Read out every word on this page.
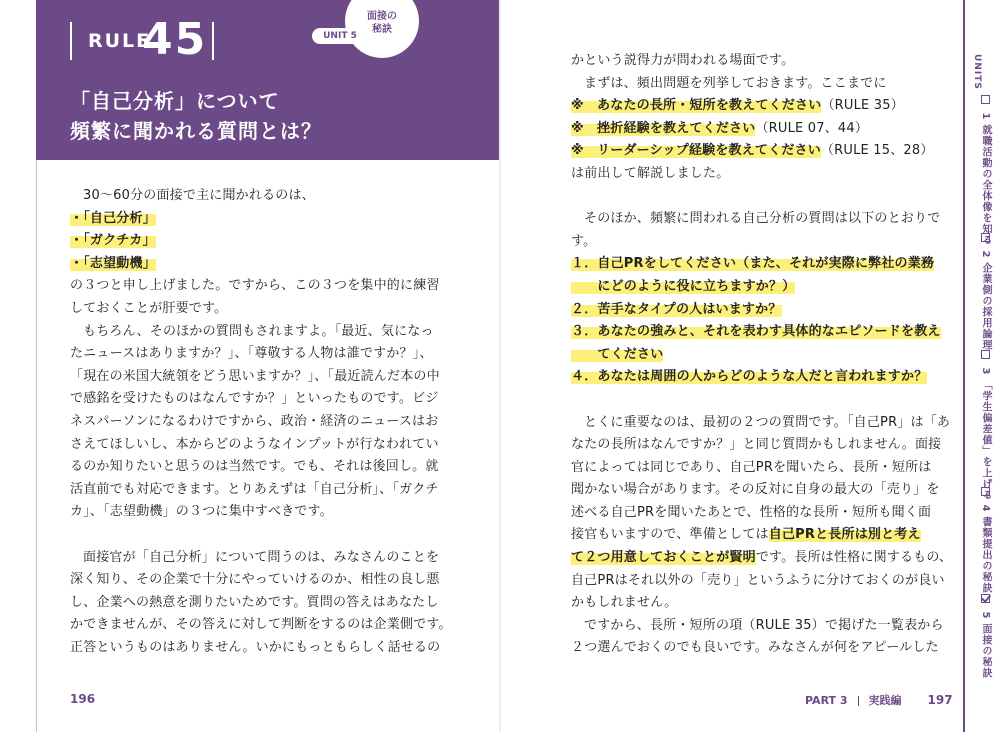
RULE
45
「自己分析」について
頻繁に聞かれる質問とは？
UNIT 5
面接の
秘訣
30〜60分の面接で主に聞かれるのは、
・「自己分析」
・「ガクチカ」
・「志望動機」
の３つと申し上げました。ですから、この３つを集中的に練習
しておくことが肝要です。
もちろん、そのほかの質問もされますよ。「最近、気になっ
たニュースはありますか？」、「尊敬する人物は誰ですか？」、
「現在の米国大統領をどう思いますか？」、「最近読んだ本の中
で感銘を受けたものはなんですか？」といったものです。ビジ
ネスパーソンになるわけですから、政治・経済のニュースはお
さえてほしいし、本からどのようなインプットが行なわれてい
るのか知りたいと思うのは当然です。でも、それは後回し。就
活直前でも対応できます。とりあえずは「自己分析」、「ガクチ
カ」、「志望動機」の３つに集中すべきです。
面接官が「自己分析」について問うのは、みなさんのことを
深く知り、その企業で十分にやっていけるのか、相性の良し悪
し、企業への熱意を測りたいためです。質問の答えはあなたし
かできませんが、その答えに対して判断をするのは企業側です。
正答というものはありません。いかにもっともらしく話せるの
196
かという説得力が問われる場面です。
まずは、頻出問題を列挙しておきます。ここまでに
※　あなたの長所・短所を教えてください（RULE 35）
※　挫折経験を教えてください（RULE 07、44）
※　リーダーシップ経験を教えてください（RULE 15、28）
は前出して解説しました。
そのほか、頻繁に問われる自己分析の質問は以下のとおりで
す。
１．自己PRをしてください（また、それが実際に弊社の業務
　　にどのように役に立ちますか？）
２．苦手なタイプの人はいますか？
３．あなたの強みと、それを表わす具体的なエピソードを教え
　　てください
４．あなたは周囲の人からどのような人だと言われますか？
とくに重要なのは、最初の２つの質問です。「自己PR」は「あ
なたの長所はなんですか？」と同じ質問かもしれません。面接
官によっては同じであり、自己PRを聞いたら、長所・短所は
聞かない場合があります。その反対に自身の最大の「売り」を
述べる自己PRを聞いたあとで、性格的な長所・短所も聞く面
接官もいますので、準備としては自己PRと長所は別と考え
て２つ用意しておくことが賢明です。長所は性格に関するもの、
自己PRはそれ以外の「売り」というふうに分けておくのが良い
かもしれません。
ですから、長所・短所の項（RULE 35）で掲げた一覧表から
２つ選んでおくのでも良いです。みなさんが何をアピールした
PART 3 実践編 197
UNITS
1 就職活動の全体像を知る
2 企業側の採用論理
3 「学生偏差値」を上げる
4 書類提出の秘訣
5 面接の秘訣
